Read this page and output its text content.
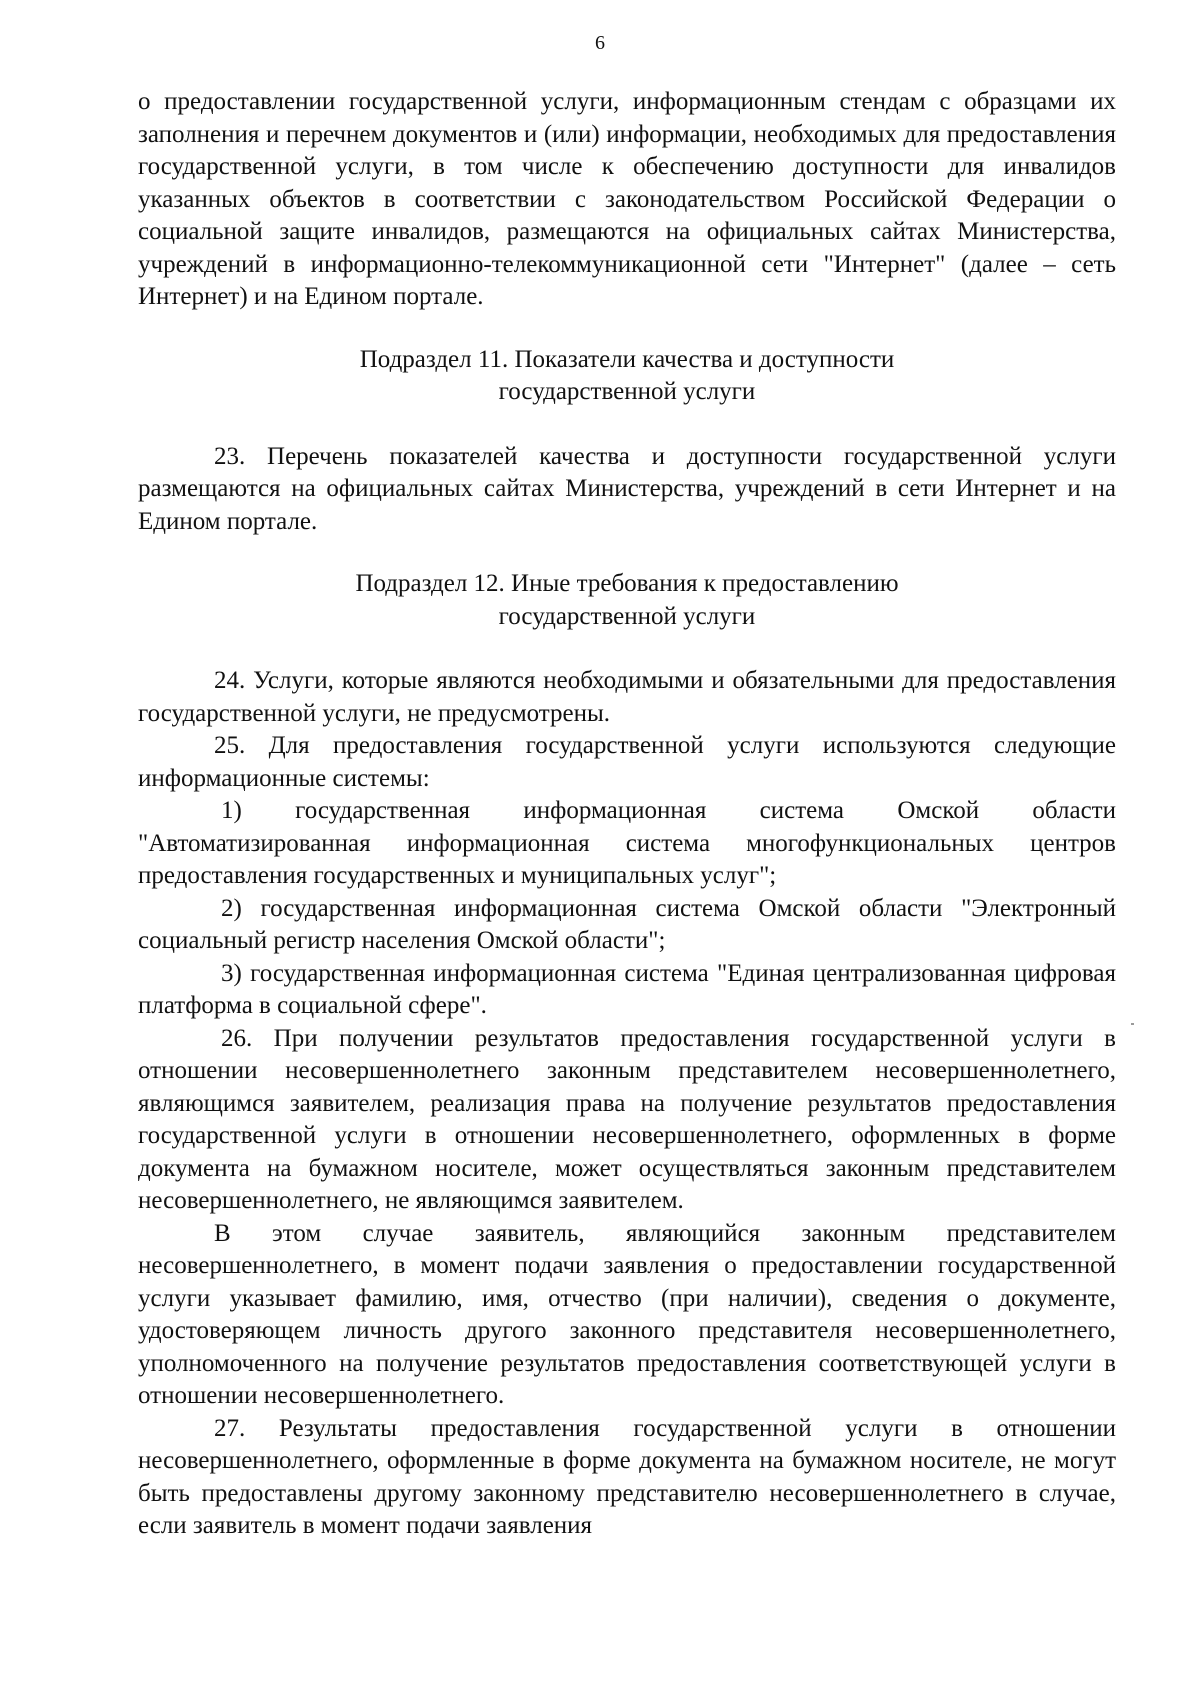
6

о предоставлении государственной услуги, информационным стендам с образцами их заполнения и перечнем документов и (или) информации, необходимых для предоставления государственной услуги, в том числе к обеспечению доступности для инвалидов указанных объектов в соответствии с законодательством Российской Федерации о социальной защите инвалидов, размещаются на официальных сайтах Министерства, учреждений в информационно-телекоммуникационной сети "Интернет" (далее – сеть Интернет) и на Едином портале.

Подраздел 11. Показатели качества и доступности

государственной услуги

23. Перечень показателей качества и доступности государственной услуги размещаются на официальных сайтах Министерства, учреждений в сети Интернет и на Едином портале.

Подраздел 12. Иные требования к предоставлению

государственной услуги

24. Услуги, которые являются необходимыми и обязательными для предоставления государственной услуги, не предусмотрены.

25. Для предоставления государственной услуги используются следующие информационные системы:

1) государственная информационная система Омской области "Автоматизированная информационная система многофункциональных центров предоставления государственных и муниципальных услуг";

2) государственная информационная система Омской области "Электронный социальный регистр населения Омской области";

3) государственная информационная система "Единая централизованная цифровая платформа в социальной сфере".

26. При получении результатов предоставления государственной услуги в отношении несовершеннолетнего законным представителем несовершеннолетнего, являющимся заявителем, реализация права на получение результатов предоставления государственной услуги в отношении несовершеннолетнего, оформленных в форме документа на бумажном носителе, может осуществляться законным представителем несовершеннолетнего, не являющимся заявителем.

В этом случае заявитель, являющийся законным представителем несовершеннолетнего, в момент подачи заявления о предоставлении государственной услуги указывает фамилию, имя, отчество (при наличии), сведения о документе, удостоверяющем личность другого законного представителя несовершеннолетнего, уполномоченного на получение результатов предоставления соответствующей услуги в отношении несовершеннолетнего.

27. Результаты предоставления государственной услуги в отношении несовершеннолетнего, оформленные в форме документа на бумажном носителе, не могут быть предоставлены другому законному представителю несовершеннолетнего в случае, если заявитель в момент подачи заявления
